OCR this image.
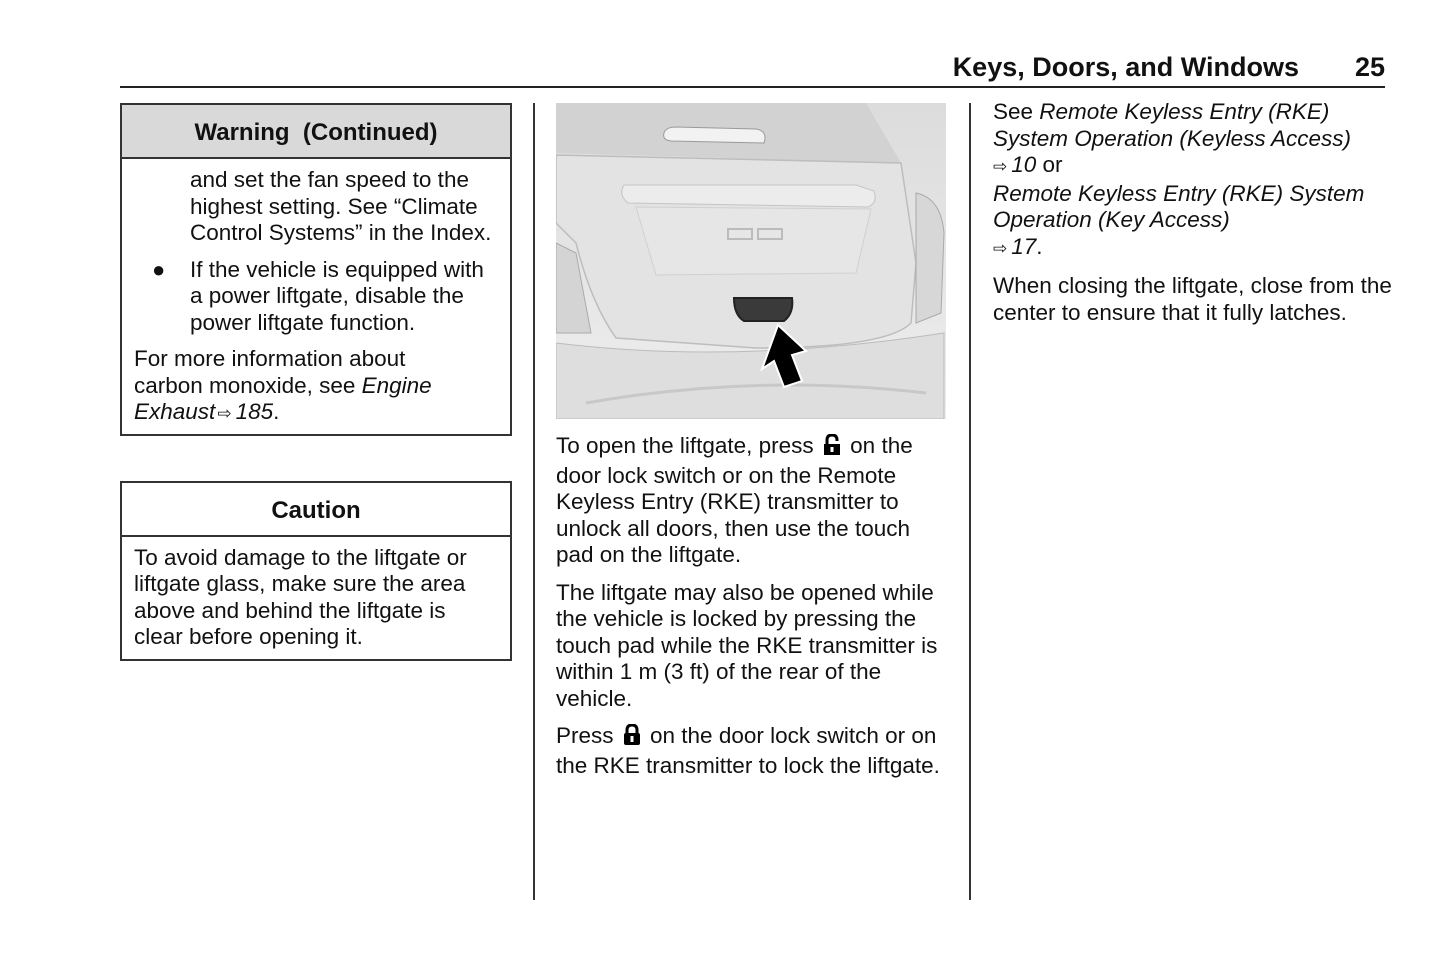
Keys, Doors, and Windows 25
Warning  (Continued)
and set the fan speed to the highest setting. See “Climate Control Systems” in the Index.
● If the vehicle is equipped with a power liftgate, disable the power liftgate function.

For more information about carbon monoxide, see Engine Exhaust ⇨ 185.

Caution
To avoid damage to the liftgate or liftgate glass, make sure the area above and behind the liftgate is clear before opening it.

To open the liftgate, press  on the door lock switch or on the Remote Keyless Entry (RKE) transmitter to unlock all doors, then use the touch pad on the liftgate.

The liftgate may also be opened while the vehicle is locked by pressing the touch pad while the RKE transmitter is within 1 m (3 ft) of the rear of the vehicle.

Press  on the door lock switch or on the RKE transmitter to lock the liftgate.

See Remote Keyless Entry (RKE) System Operation (Keyless Access)
⇨ 10 or
Remote Keyless Entry (RKE) System Operation (Key Access)
⇨ 17.

When closing the liftgate, close from the center to ensure that it fully latches.
